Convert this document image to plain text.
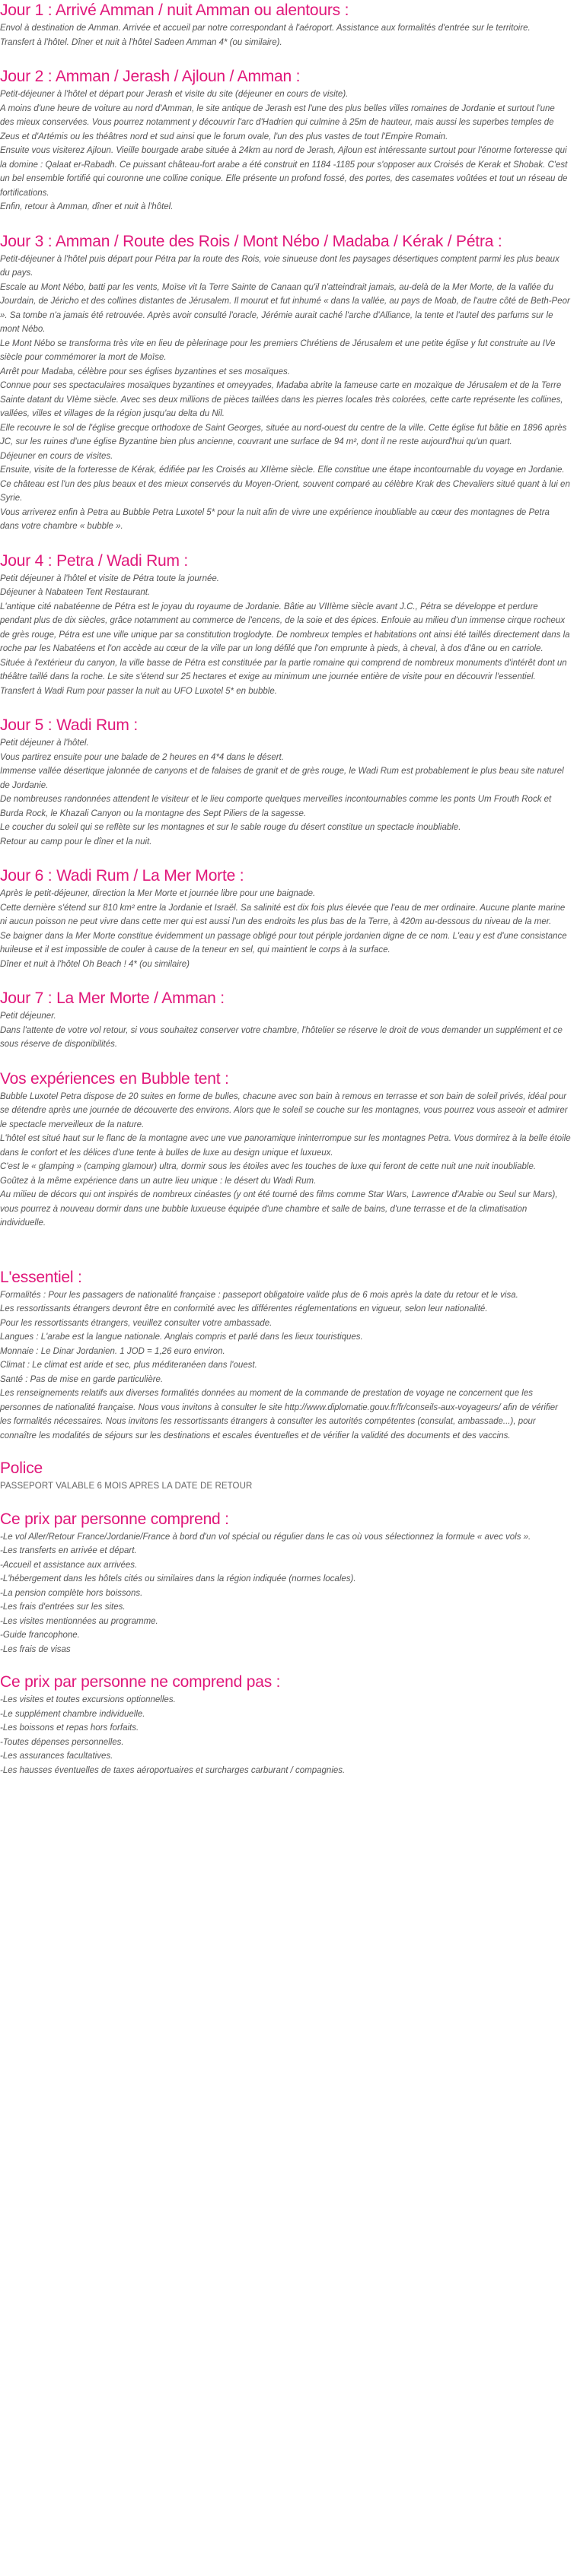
Jour 1 : Arrivé Amman / nuit Amman ou alentours :

Envol à destination de Amman. Arrivée et accueil par notre correspondant à l'aéroport. Assistance aux formalités d'entrée sur le territoire.

Transfert à l'hôtel. Dîner et nuit à l'hôtel Sadeen Amman 4* (ou similaire).

Jour 2 : Amman / Jerash / Ajloun / Amman :

Petit-déjeuner à l'hôtel et départ pour Jerash et visite du site (déjeuner en cours de visite).

A moins d'une heure de voiture au nord d'Amman, le site antique de Jerash est l'une des plus belles villes romaines de Jordanie et surtout l'une des mieux conservées. Vous pourrez notamment y découvrir l'arc d'Hadrien qui culmine à 25m de hauteur, mais aussi les superbes temples de Zeus et d'Artémis ou les théâtres nord et sud ainsi que le forum ovale, l'un des plus vastes de tout l'Empire Romain.

Ensuite vous visiterez Ajloun. Vieille bourgade arabe située à 24km au nord de Jerash, Ajloun est intéressante surtout pour l'énorme forteresse qui la domine : Qalaat er-Rabadh. Ce puissant château-fort arabe a été construit en 1184 -1185 pour s'opposer aux Croisés de Kerak et Shobak. C'est un bel ensemble fortifié qui couronne une colline conique. Elle présente un profond fossé, des portes, des casemates voûtées et tout un réseau de fortifications.

Enfin, retour à Amman, dîner et nuit à l'hôtel.

Jour 3 : Amman / Route des Rois / Mont Nébo / Madaba / Kérak / Pétra :

Petit-déjeuner à l'hôtel puis départ pour Pétra par la route des Rois, voie sinueuse dont les paysages désertiques comptent parmi les plus beaux du pays.

Escale au Mont Nébo, batti par les vents, Moïse vit la Terre Sainte de Canaan qu'il n'atteindrait jamais, au-delà de la Mer Morte, de la vallée du Jourdain, de Jéricho et des collines distantes de Jérusalem. Il mourut et fut inhumé « dans la vallée, au pays de Moab, de l'autre côté de Beth-Peor ». Sa tombe n'a jamais été retrouvée. Après avoir consulté l'oracle, Jérémie aurait caché l'arche d'Alliance, la tente et l'autel des parfums sur le mont Nébo.

Le Mont Nébo se transforma très vite en lieu de pèlerinage pour les premiers Chrétiens de Jérusalem et une petite église y fut construite au IVe siècle pour commémorer la mort de Moïse.

Arrêt pour Madaba, célèbre pour ses églises byzantines et ses mosaïques.

Connue pour ses spectaculaires mosaïques byzantines et omeyyades, Madaba abrite la fameuse carte en mozaïque de Jérusalem et de la Terre Sainte datant du VIème siècle. Avec ses deux millions de pièces taillées dans les pierres locales très colorées, cette carte représente les collines, vallées, villes et villages de la région jusqu'au delta du Nil.

Elle recouvre le sol de l'église grecque orthodoxe de Saint Georges, située au nord-ouest du centre de la ville. Cette église fut bâtie en 1896 après JC, sur les ruines d'une église Byzantine bien plus ancienne, couvrant une surface de 94 m², dont il ne reste aujourd'hui qu'un quart.

Déjeuner en cours de visites.

Ensuite, visite de la forteresse de Kérak, édifiée par les Croisés au XIIème siècle. Elle constitue une étape incontournable du voyage en Jordanie. Ce château est l'un des plus beaux et des mieux conservés du Moyen-Orient, souvent comparé au célèbre Krak des Chevaliers situé quant à lui en Syrie.

Vous arriverez enfin à Petra au Bubble Petra Luxotel 5* pour la nuit afin de vivre une expérience inoubliable au cœur des montagnes de Petra dans votre chambre « bubble ».

Jour 4 : Petra / Wadi Rum :

Petit déjeuner à l'hôtel et visite de Pétra toute la journée.

Déjeuner à Nabateen Tent Restaurant.

L'antique cité nabatéenne de Pétra est le joyau du royaume de Jordanie. Bâtie au VIIIème siècle avant J.C., Pétra se développe et perdure pendant plus de dix siècles, grâce notamment au commerce de l'encens, de la soie et des épices. Enfouie au milieu d'un immense cirque rocheux de grès rouge, Pétra est une ville unique par sa constitution troglodyte. De nombreux temples et habitations ont ainsi été taillés directement dans la roche par les Nabatéens et l'on accède au cœur de la ville par un long défilé que l'on emprunte à pieds, à cheval, à dos d'âne ou en carriole.

Située à l'extérieur du canyon, la ville basse de Pétra est constituée par la partie romaine qui comprend de nombreux monuments d'intérêt dont un théâtre taillé dans la roche. Le site s'étend sur 25 hectares et exige au minimum une journée entière de visite pour en découvrir l'essentiel.

Transfert à Wadi Rum pour passer la nuit au UFO Luxotel 5* en bubble.

Jour 5 : Wadi Rum :

Petit déjeuner à l'hôtel.

Vous partirez ensuite pour une balade de 2 heures en 4*4 dans le désert.

Immense vallée désertique jalonnée de canyons et de falaises de granit et de grès rouge, le Wadi Rum est probablement le plus beau site naturel de Jordanie.

De nombreuses randonnées attendent le visiteur et le lieu comporte quelques merveilles incontournables comme les ponts Um Frouth Rock et Burda Rock, le Khazali Canyon ou la montagne des Sept Piliers de la sagesse.

Le coucher du soleil qui se reflète sur les montagnes et sur le sable rouge du désert constitue un spectacle inoubliable.

Retour au camp pour le dîner et la nuit.

Jour 6 : Wadi Rum / La Mer Morte :

Après le petit-déjeuner, direction la Mer Morte et journée libre pour une baignade.

Cette dernière s'étend sur 810 km² entre la Jordanie et Israël. Sa salinité est dix fois plus élevée que l'eau de mer ordinaire. Aucune plante marine ni aucun poisson ne peut vivre dans cette mer qui est aussi l'un des endroits les plus bas de la Terre, à 420m au-dessous du niveau de la mer.

Se baigner dans la Mer Morte constitue évidemment un passage obligé pour tout périple jordanien digne de ce nom. L'eau y est d'une consistance huileuse et il est impossible de couler à cause de la teneur en sel, qui maintient le corps à la surface.

Dîner et nuit à l'hôtel Oh Beach ! 4* (ou similaire)

Jour 7 : La Mer Morte / Amman :

Petit déjeuner.

Dans l'attente de votre vol retour, si vous souhaitez conserver votre chambre, l'hôtelier se réserve le droit de vous demander un supplément et ce sous réserve de disponibilités.

Vos expériences en Bubble tent :

Bubble Luxotel Petra dispose de 20 suites en forme de bulles, chacune avec son bain à remous en terrasse et son bain de soleil privés, idéal pour se détendre après une journée de découverte des environs. Alors que le soleil se couche sur les montagnes, vous pourrez vous asseoir et admirer le spectacle merveilleux de la nature.

L'hôtel est situé haut sur le flanc de la montagne avec une vue panoramique ininterrompue sur les montagnes Petra. Vous dormirez à la belle étoile dans le confort et les délices d'une tente à bulles de luxe au design unique et luxueux.

C'est le « glamping » (camping glamour) ultra, dormir sous les étoiles avec les touches de luxe qui feront de cette nuit une nuit inoubliable.

Goûtez à la même expérience dans un autre lieu unique : le désert du Wadi Rum.

Au milieu de décors qui ont inspirés de nombreux cinéastes (y ont été tourné des films comme Star Wars, Lawrence d'Arabie ou Seul sur Mars), vous pourrez à nouveau dormir dans une bubble luxueuse équipée d'une chambre et salle de bains, d'une terrasse et de la climatisation individuelle.

L'essentiel :

Formalités : Pour les passagers de nationalité française : passeport obligatoire valide plus de 6 mois après la date du retour et le visa.

Les ressortissants étrangers devront être en conformité avec les différentes réglementations en vigueur, selon leur nationalité.

Pour les ressortissants étrangers, veuillez consulter votre ambassade.

Langues : L'arabe est la langue nationale. Anglais compris et parlé dans les lieux touristiques.

Monnaie : Le Dinar Jordanien. 1 JOD = 1,26 euro environ.

Climat : Le climat est aride et sec, plus méditeranéen dans l'ouest.

Santé : Pas de mise en garde particulière.

Les renseignements relatifs aux diverses formalités données au moment de la commande de prestation de voyage ne concernent que les personnes de nationalité française. Nous vous invitons à consulter le site http://www.diplomatie.gouv.fr/fr/conseils-aux-voyageurs/ afin de vérifier les formalités nécessaires. Nous invitons les ressortissants étrangers à consulter les autorités compétentes (consulat, ambassade...), pour connaître les modalités de séjours sur les destinations et escales éventuelles et de vérifier la validité des documents et des vaccins.

Police

PASSEPORT VALABLE 6 MOIS APRES LA DATE DE RETOUR

Ce prix par personne comprend :

-Le vol Aller/Retour France/Jordanie/France à bord d'un vol spécial ou régulier dans le cas où vous sélectionnez la formule « avec vols ».

-Les transferts en arrivée et départ.

-Accueil et assistance aux arrivées.

-L'hébergement dans les hôtels cités ou similaires dans la région indiquée (normes locales).

-La pension complète hors boissons.

-Les frais d'entrées sur les sites.

-Les visites mentionnées au programme.

-Guide francophone.

-Les frais de visas

Ce prix par personne ne comprend pas :

-Les visites et toutes excursions optionnelles.

-Le supplément chambre individuelle.

-Les boissons et repas hors forfaits.

-Toutes dépenses personnelles.

-Les assurances facultatives.

-Les hausses éventuelles de taxes aéroportuaires et surcharges carburant / compagnies.
